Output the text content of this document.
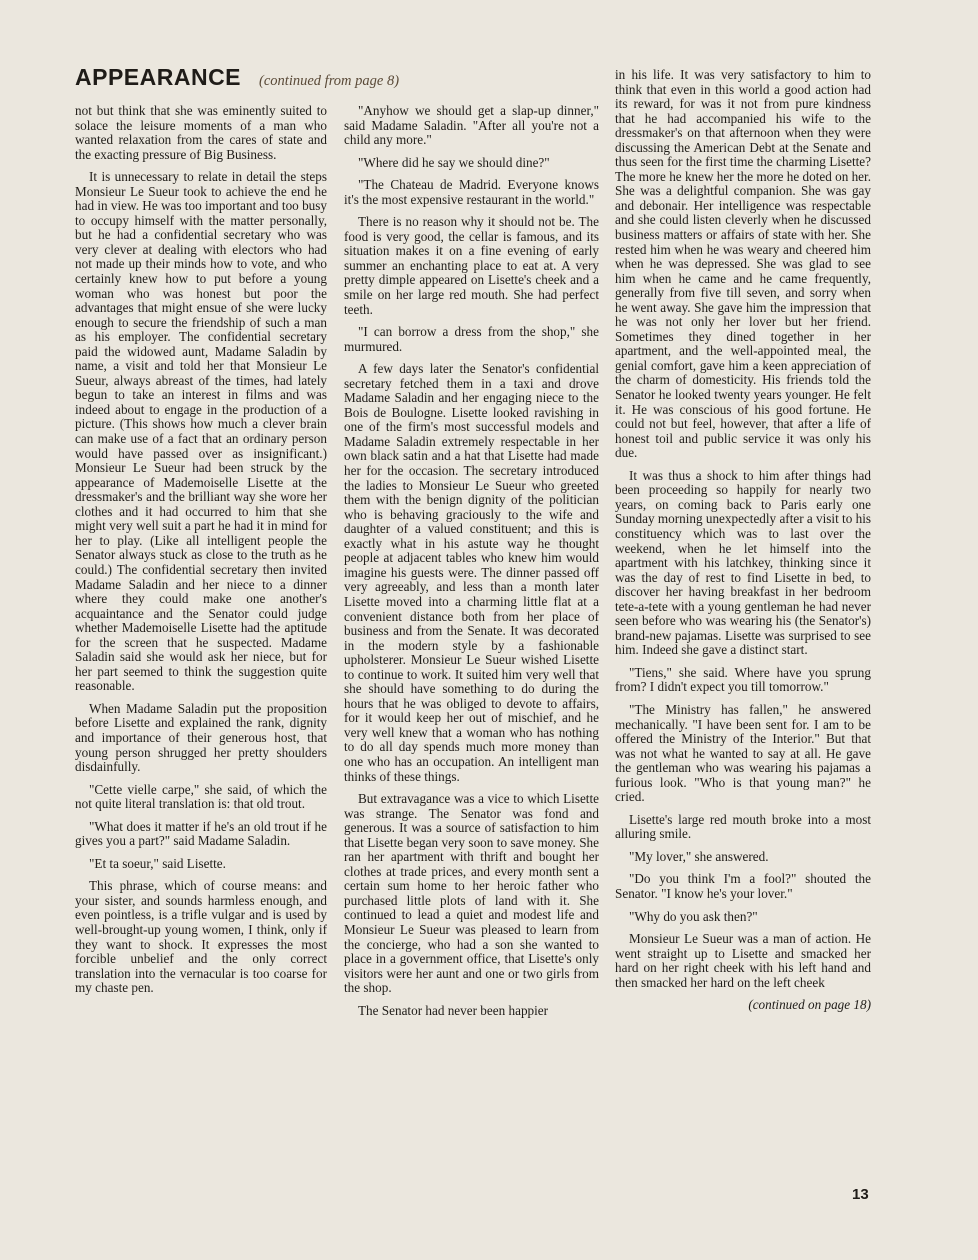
APPEARANCE (continued from page 8)

not but think that she was eminently suited to solace the leisure moments of a man who wanted relaxation from the cares of state and the exacting pressure of Big Business.

It is unnecessary to relate in detail the steps Monsieur Le Sueur took to achieve the end he had in view. He was too important and too busy to occupy himself with the matter personally, but he had a confidential secretary who was very clever at dealing with electors who had not made up their minds how to vote, and who certainly knew how to put before a young woman who was honest but poor the advantages that might ensue of she were lucky enough to secure the friendship of such a man as his employer. The confidential secretary paid the widowed aunt, Madame Saladin by name, a visit and told her that Monsieur Le Sueur, always abreast of the times, had lately begun to take an interest in films and was indeed about to engage in the production of a picture. (This shows how much a clever brain can make use of a fact that an ordinary person would have passed over as insignificant.) Monsieur Le Sueur had been struck by the appearance of Mademoiselle Lisette at the dressmaker's and the brilliant way she wore her clothes and it had occurred to him that she might very well suit a part he had it in mind for her to play. (Like all intelligent people the Senator always stuck as close to the truth as he could.) The confidential secretary then invited Madame Saladin and her niece to a dinner where they could make one another's acquaintance and the Senator could judge whether Mademoiselle Lisette had the aptitude for the screen that he suspected. Madame Saladin said she would ask her niece, but for her part seemed to think the suggestion quite reasonable.

When Madame Saladin put the proposition before Lisette and explained the rank, dignity and importance of their generous host, that young person shrugged her pretty shoulders disdainfully.

"Cette vielle carpe," she said, of which the not quite literal translation is: that old trout.

"What does it matter if he's an old trout if he gives you a part?" said Madame Saladin.

"Et ta soeur," said Lisette.

This phrase, which of course means: and your sister, and sounds harmless enough, and even pointless, is a trifle vulgar and is used by well-brought-up young women, I think, only if they want to shock. It expresses the most forcible unbelief and the only correct translation into the vernacular is too coarse for my chaste pen.

"Anyhow we should get a slap-up dinner," said Madame Saladin. "After all you're not a child any more."

"Where did he say we should dine?"

"The Chateau de Madrid. Everyone knows it's the most expensive restaurant in the world."

There is no reason why it should not be. The food is very good, the cellar is famous, and its situation makes it on a fine evening of early summer an enchanting place to eat at. A very pretty dimple appeared on Lisette's cheek and a smile on her large red mouth. She had perfect teeth.

"I can borrow a dress from the shop," she murmured.

A few days later the Senator's confidential secretary fetched them in a taxi and drove Madame Saladin and her engaging niece to the Bois de Boulogne. Lisette looked ravishing in one of the firm's most successful models and Madame Saladin extremely respectable in her own black satin and a hat that Lisette had made her for the occasion. The secretary introduced the ladies to Monsieur Le Sueur who greeted them with the benign dignity of the politician who is behaving graciously to the wife and daughter of a valued constituent; and this is exactly what in his astute way he thought people at adjacent tables who knew him would imagine his guests were. The dinner passed off very agreeably, and less than a month later Lisette moved into a charming little flat at a convenient distance both from her place of business and from the Senate. It was decorated in the modern style by a fashionable upholsterer. Monsieur Le Sueur wished Lisette to continue to work. It suited him very well that she should have something to do during the hours that he was obliged to devote to affairs, for it would keep her out of mischief, and he very well knew that a woman who has nothing to do all day spends much more money than one who has an occupation. An intelligent man thinks of these things.

But extravagance was a vice to which Lisette was strange. The Senator was fond and generous. It was a source of satisfaction to him that Lisette began very soon to save money. She ran her apartment with thrift and bought her clothes at trade prices, and every month sent a certain sum home to her heroic father who purchased little plots of land with it. She continued to lead a quiet and modest life and Monsieur Le Sueur was pleased to learn from the concierge, who had a son she wanted to place in a government office, that Lisette's only visitors were her aunt and one or two girls from the shop.

The Senator had never been happier

in his life. It was very satisfactory to him to think that even in this world a good action had its reward, for was it not from pure kindness that he had accompanied his wife to the dressmaker's on that afternoon when they were discussing the American Debt at the Senate and thus seen for the first time the charming Lisette? The more he knew her the more he doted on her. She was a delightful companion. She was gay and debonair. Her intelligence was respectable and she could listen cleverly when he discussed business matters or affairs of state with her. She rested him when he was weary and cheered him when he was depressed. She was glad to see him when he came and he came frequently, generally from five till seven, and sorry when he went away. She gave him the impression that he was not only her lover but her friend. Sometimes they dined together in her apartment, and the well-appointed meal, the genial comfort, gave him a keen appreciation of the charm of domesticity. His friends told the Senator he looked twenty years younger. He felt it. He was conscious of his good fortune. He could not but feel, however, that after a life of honest toil and public service it was only his due.

It was thus a shock to him after things had been proceeding so happily for nearly two years, on coming back to Paris early one Sunday morning unexpectedly after a visit to his constituency which was to last over the weekend, when he let himself into the apartment with his latchkey, thinking since it was the day of rest to find Lisette in bed, to discover her having breakfast in her bedroom tete-a-tete with a young gentleman he had never seen before who was wearing his (the Senator's) brand-new pajamas. Lisette was surprised to see him. Indeed she gave a distinct start.

"Tiens," she said. Where have you sprung from? I didn't expect you till tomorrow."

"The Ministry has fallen," he answered mechanically. "I have been sent for. I am to be offered the Ministry of the Interior." But that was not what he wanted to say at all. He gave the gentleman who was wearing his pajamas a furious look. "Who is that young man?" he cried.

Lisette's large red mouth broke into a most alluring smile.

"My lover," she answered.

"Do you think I'm a fool?" shouted the Senator. "I know he's your lover."

"Why do you ask then?"

Monsieur Le Sueur was a man of action. He went straight up to Lisette and smacked her hard on her right cheek with his left hand and then smacked her hard on the left cheek

(continued on page 18)

13
